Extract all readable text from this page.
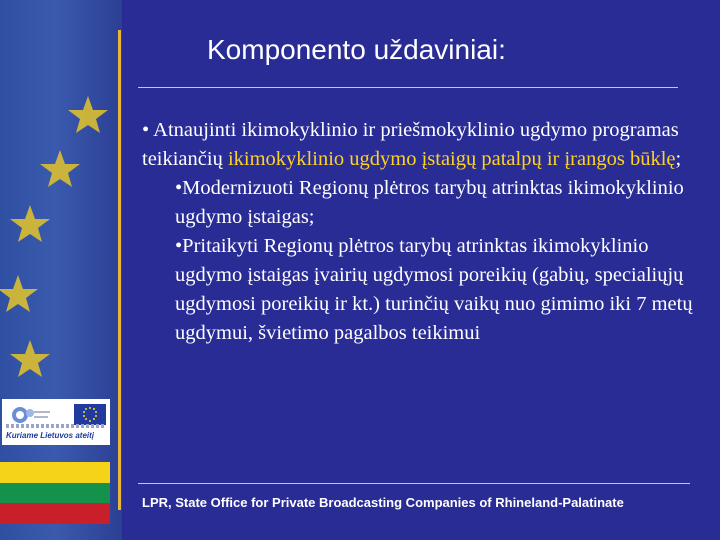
Komponento uždaviniai:

• Atnaujinti ikimokyklinio ir priešmokyklinio ugdymo programas teikiančių ikimokyklinio ugdymo įstaigų patalpų ir įrangos būklę;

•Modernizuoti Regionų plėtros tarybų atrinktas ikimokyklinio ugdymo įstaigas;

•Pritaikyti Regionų plėtros tarybų atrinktas ikimokyklinio ugdymo įstaigas įvairių ugdymosi poreikių (gabių, specialiųjų ugdymosi poreikių ir kt.) turinčių vaikų nuo gimimo iki 7 metų ugdymui, švietimo pagalbos teikimui

Kuriame Lietuvos ateitį
LPR, State Office for Private Broadcasting Companies of Rhineland-Palatinate
